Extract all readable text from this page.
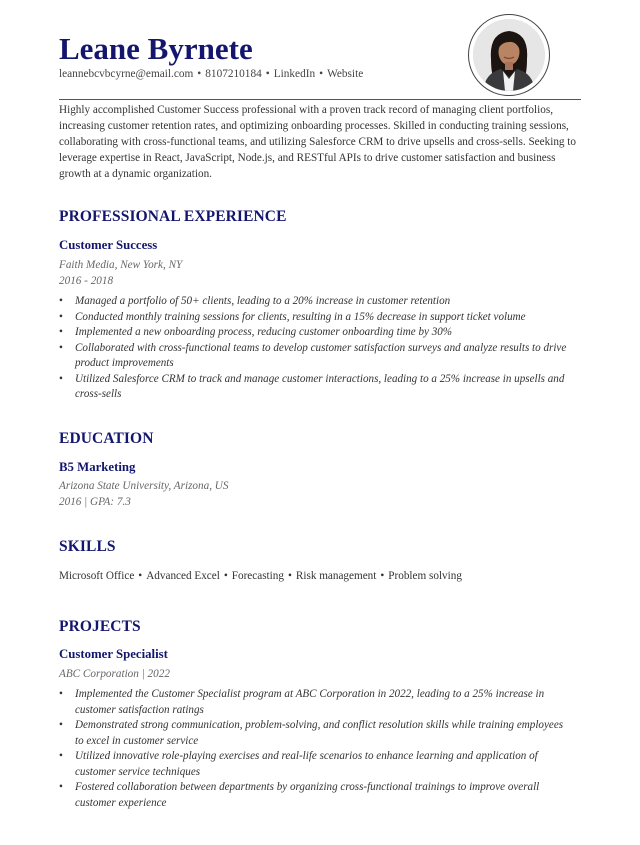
Leane Byrnete
leannebcvbcyrne@email.com • 8107210184 • LinkedIn • Website

Highly accomplished Customer Success professional with a proven track record of managing client portfolios, increasing customer retention rates, and optimizing onboarding processes. Skilled in conducting training sessions, collaborating with cross-functional teams, and utilizing Salesforce CRM to drive upsells and cross-sells. Seeking to leverage expertise in React, JavaScript, Node.js, and RESTful APIs to drive customer satisfaction and business growth at a dynamic organization.

PROFESSIONAL EXPERIENCE
Customer Success
Faith Media, New York, NY
2016 - 2018
• Managed a portfolio of 50+ clients, leading to a 20% increase in customer retention
• Conducted monthly training sessions for clients, resulting in a 15% decrease in support ticket volume
• Implemented a new onboarding process, reducing customer onboarding time by 30%
• Collaborated with cross-functional teams to develop customer satisfaction surveys and analyze results to drive product improvements
• Utilized Salesforce CRM to track and manage customer interactions, leading to a 25% increase in upsells and cross-sells
EDUCATION
B5 Marketing
Arizona State University, Arizona, US
2016 | GPA: 7.3
SKILLS
Microsoft Office • Advanced Excel • Forecasting • Risk management • Problem solving
PROJECTS
Customer Specialist
ABC Corporation | 2022
• Implemented the Customer Specialist program at ABC Corporation in 2022, leading to a 25% increase in customer satisfaction ratings
• Demonstrated strong communication, problem-solving, and conflict resolution skills while training employees to excel in customer service
• Utilized innovative role-playing exercises and real-life scenarios to enhance learning and application of customer service techniques
• Fostered collaboration between departments by organizing cross-functional trainings to improve overall customer experience
